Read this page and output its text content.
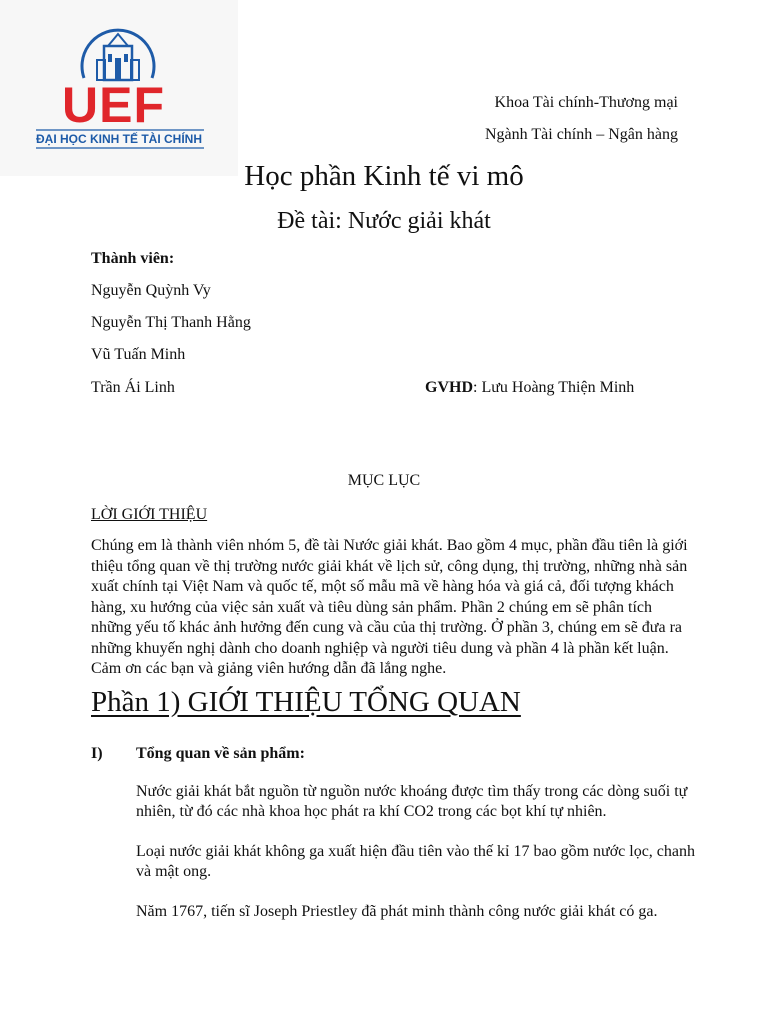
UEF
ĐẠI HỌC KINH TẾ TÀI CHÍNH
Khoa Tài chính-Thương mại
Ngành Tài chính – Ngân hàng
Học phần Kinh tế vi mô
Đề tài: Nước giải khát
Thành viên:
Nguyễn Quỳnh Vy
Nguyễn Thị Thanh Hằng
Vũ Tuấn Minh
Trần Ái Linh	GVHD: Lưu Hoàng Thiện Minh
MỤC LỤC
LỜI GIỚI THIỆU
Chúng em là thành viên nhóm 5, đề tài Nước giải khát. Bao gồm 4 mục, phần đầu tiên là giới thiệu tổng quan về thị trường nước giải khát về lịch sử, công dụng, thị trường, những nhà sản xuất chính tại Việt Nam và quốc tế, một số mẫu mã về hàng hóa và giá cả, đối tượng khách hàng, xu hướng của việc sản xuất và tiêu dùng sản phẩm. Phần 2 chúng em sẽ phân tích những yếu tố khác ảnh hưởng đến cung và cầu của thị trường. Ở phần 3, chúng em sẽ đưa ra những khuyến nghị dành cho doanh nghiệp và người tiêu dung và phần 4 là phần kết luận. Cảm ơn các bạn và giảng viên hướng dẫn đã lắng nghe.
Phần 1) GIỚI THIỆU TỔNG QUAN
I) Tổng quan về sản phẩm:
Nước giải khát bắt nguồn từ nguồn nước khoáng được tìm thấy trong các dòng suối tự nhiên, từ đó các nhà khoa học phát ra khí CO2 trong các bọt khí tự nhiên.
Loại nước giải khát không ga xuất hiện đầu tiên vào thế kỉ 17 bao gồm nước lọc, chanh và mật ong.
Năm 1767, tiến sĩ Joseph Priestley đã phát minh thành công nước giải khát có ga.
